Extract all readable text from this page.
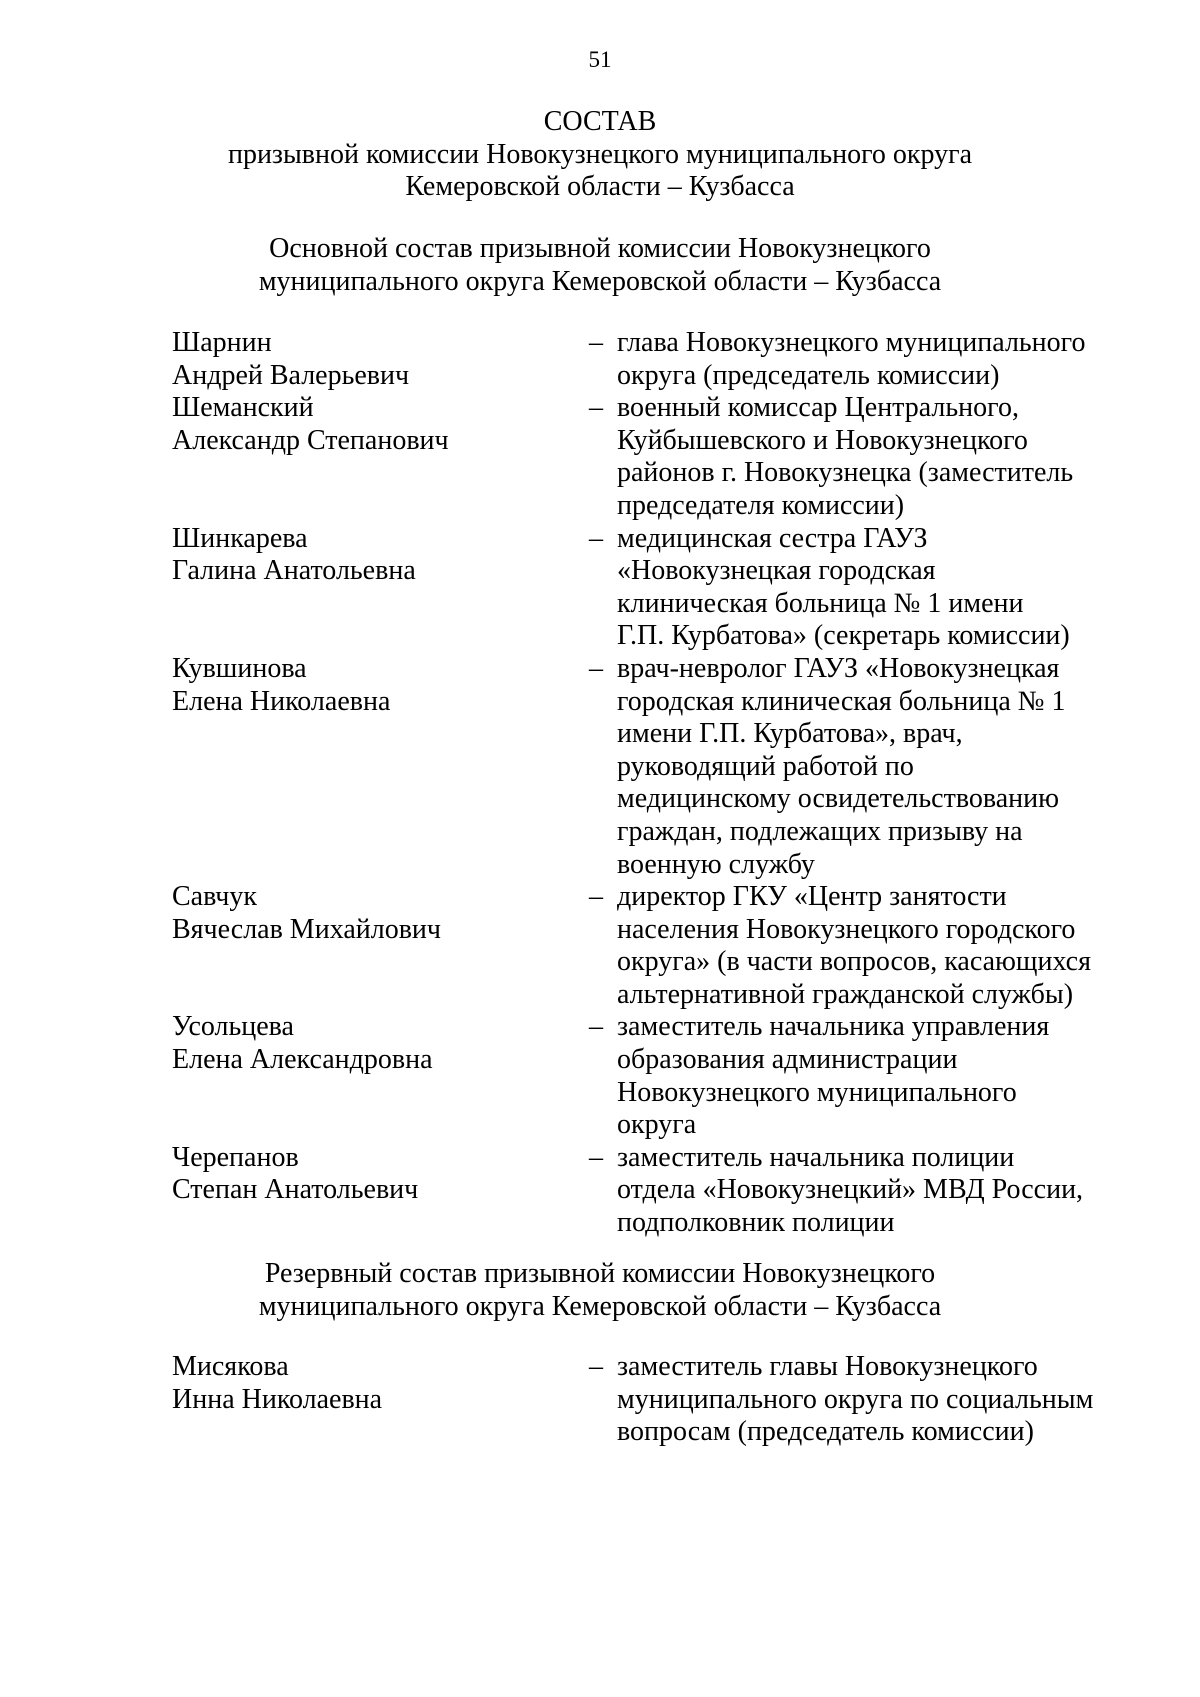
51
СОСТАВ
призывной комиссии Новокузнецкого муниципального округа
Кемеровской области – Кузбасса
Основной состав призывной комиссии Новокузнецкого
муниципального округа Кемеровской области – Кузбасса
Шарнин
Андрей Валерьевич
– глава Новокузнецкого муниципального
округа (председатель комиссии)
Шеманский
Александр Степанович
– военный комиссар Центрального,
Куйбышевского и Новокузнецкого
районов г. Новокузнецка (заместитель
председателя комиссии)
Шинкарева
Галина Анатольевна
– медицинская сестра ГАУЗ
«Новокузнецкая городская
клиническая больница № 1 имени
Г.П. Курбатова» (секретарь комиссии)
Кувшинова
Елена Николаевна
– врач-невролог ГАУЗ «Новокузнецкая
городская клиническая больница № 1
имени Г.П. Курбатова», врач,
руководящий работой по
медицинскому освидетельствованию
граждан, подлежащих призыву на
военную службу
Савчук
Вячеслав Михайлович
– директор ГКУ «Центр занятости
населения Новокузнецкого городского
округа» (в части вопросов, касающихся
альтернативной гражданской службы)
Усольцева
Елена Александровна
– заместитель начальника управления
образования администрации
Новокузнецкого муниципального
округа
Черепанов
Степан Анатольевич
– заместитель начальника полиции
отдела «Новокузнецкий» МВД России,
подполковник полиции
Резервный состав призывной комиссии Новокузнецкого
муниципального округа Кемеровской области – Кузбасса
Мисякова
Инна Николаевна
– заместитель главы Новокузнецкого
муниципального округа по социальным
вопросам (председатель комиссии)
